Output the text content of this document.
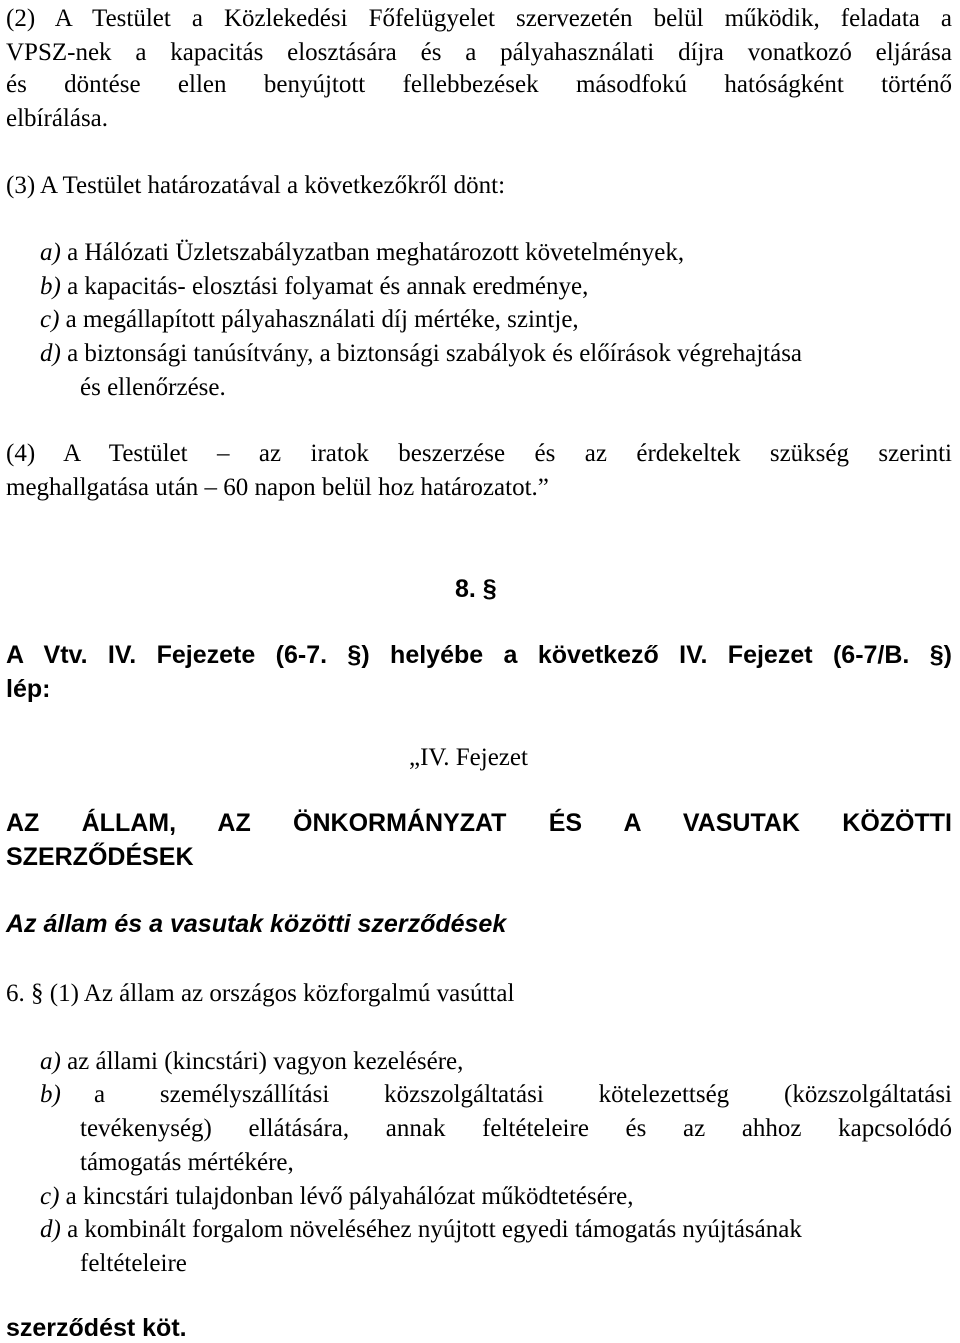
(2) A Testület a Közlekedési Főfelügyelet szervezetén belül működik, feladata a
VPSZ-nek a kapacitás elosztására és a pályahasználati díjra vonatkozó eljárása
és döntése ellen benyújtott fellebbezések másodfokú hatóságként történő
elbírálása.
(3) A Testület határozatával a következőkről dönt:
a) a Hálózati Üzletszabályzatban meghatározott követelmények,
b) a kapacitás- elosztási folyamat és annak eredménye,
c) a megállapított pályahasználati díj mértéke, szintje,
d) a biztonsági tanúsítvány, a biztonsági szabályok és előírások végrehajtása
és ellenőrzése.
(4) A Testület – az iratok beszerzése és az érdekeltek szükség szerinti
meghallgatása után – 60 napon belül hoz határozatot.”
8. §
A Vtv. IV. Fejezete (6-7. §) helyébe a következő IV. Fejezet (6-7/B. §)
lép:
„IV. Fejezet
AZ ÁLLAM, AZ ÖNKORMÁNYZAT ÉS A VASUTAK KÖZÖTTI
SZERZŐDÉSEK
Az állam és a vasutak közötti szerződések
6. § (1) Az állam az országos közforgalmú vasúttal
a) az állami (kincstári) vagyon kezelésére,
b) a személyszállítási közszolgáltatási kötelezettség (közszolgáltatási
tevékenység) ellátására, annak feltételeire és az ahhoz kapcsolódó
támogatás mértékére,
c) a kincstári tulajdonban lévő pályahálózat működtetésére,
d) a kombinált forgalom növeléséhez nyújtott egyedi támogatás nyújtásának
feltételeire
szerződést köt.
